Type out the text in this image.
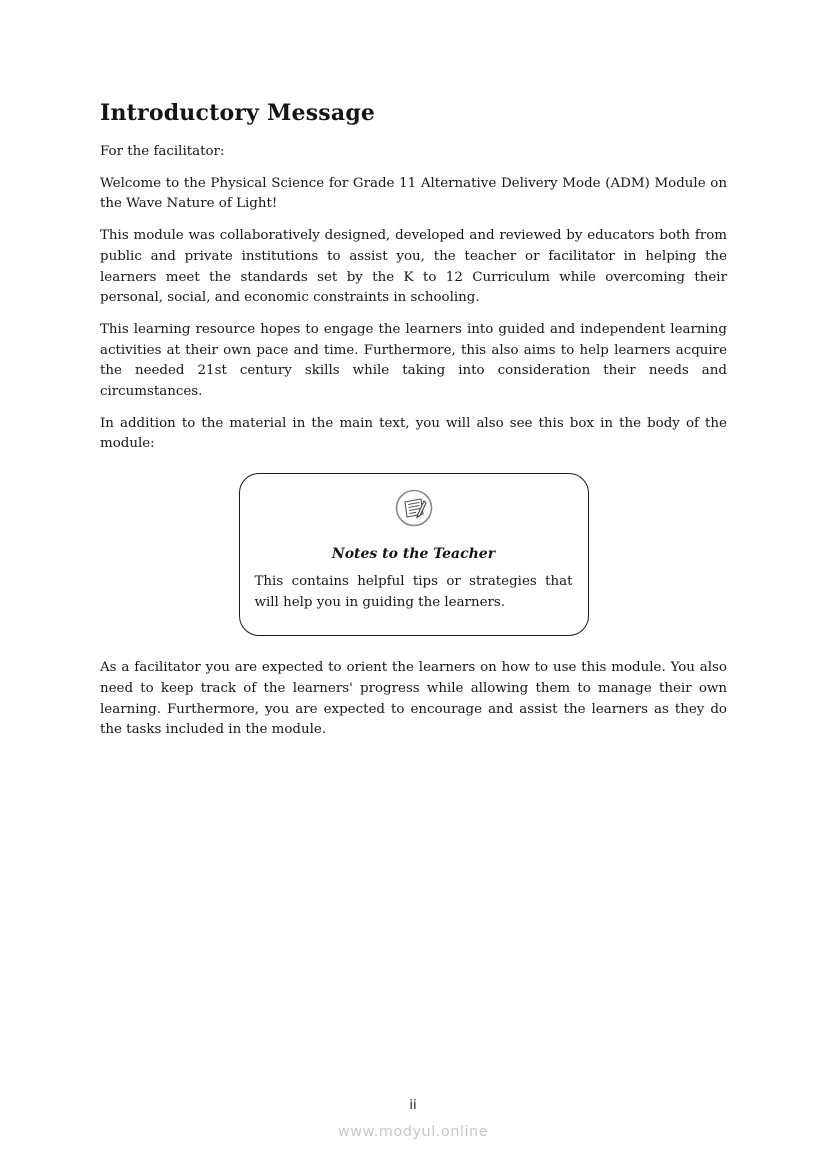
Introductory Message

For the facilitator:

Welcome to the Physical Science for Grade 11 Alternative Delivery Mode (ADM) Module on the Wave Nature of Light!

This module was collaboratively designed, developed and reviewed by educators both from public and private institutions to assist you, the teacher or facilitator in helping the learners meet the standards set by the K to 12 Curriculum while overcoming their personal, social, and economic constraints in schooling.

This learning resource hopes to engage the learners into guided and independent learning activities at their own pace and time. Furthermore, this also aims to help learners acquire the needed 21st century skills while taking into consideration their needs and circumstances.

In addition to the material in the main text, you will also see this box in the body of the module:

Notes to the Teacher

This contains helpful tips or strategies that will help you in guiding the learners.

As a facilitator you are expected to orient the learners on how to use this module. You also need to keep track of the learners' progress while allowing them to manage their own learning. Furthermore, you are expected to encourage and assist the learners as they do the tasks included in the module.

ii
www.modyul.online
